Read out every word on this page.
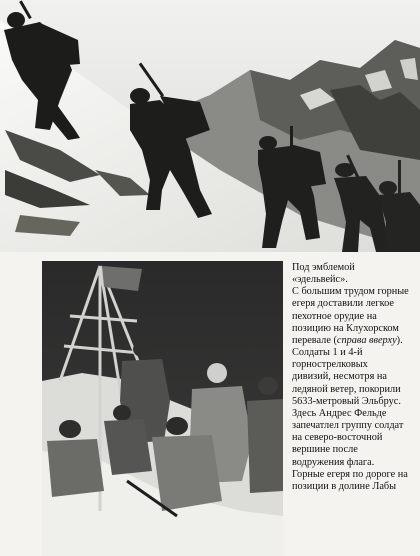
Под эмблемой
«эдельвейс».
С большим трудом горные
егеря доставили легкое
пехотное орудие на
позицию на Клухорском
перевале (справа вверху).
Солдаты 1 и 4-й
горнострелковых
дивизий, несмотря на
ледяной ветер, покорили
5633-метровый Эльбрус.
Здесь Андрес Фельде
запечатлел группу солдат
на северо-восточной
вершине после
водружения флага.
Горные егеря по дороге на
позиции в долине Лабы
